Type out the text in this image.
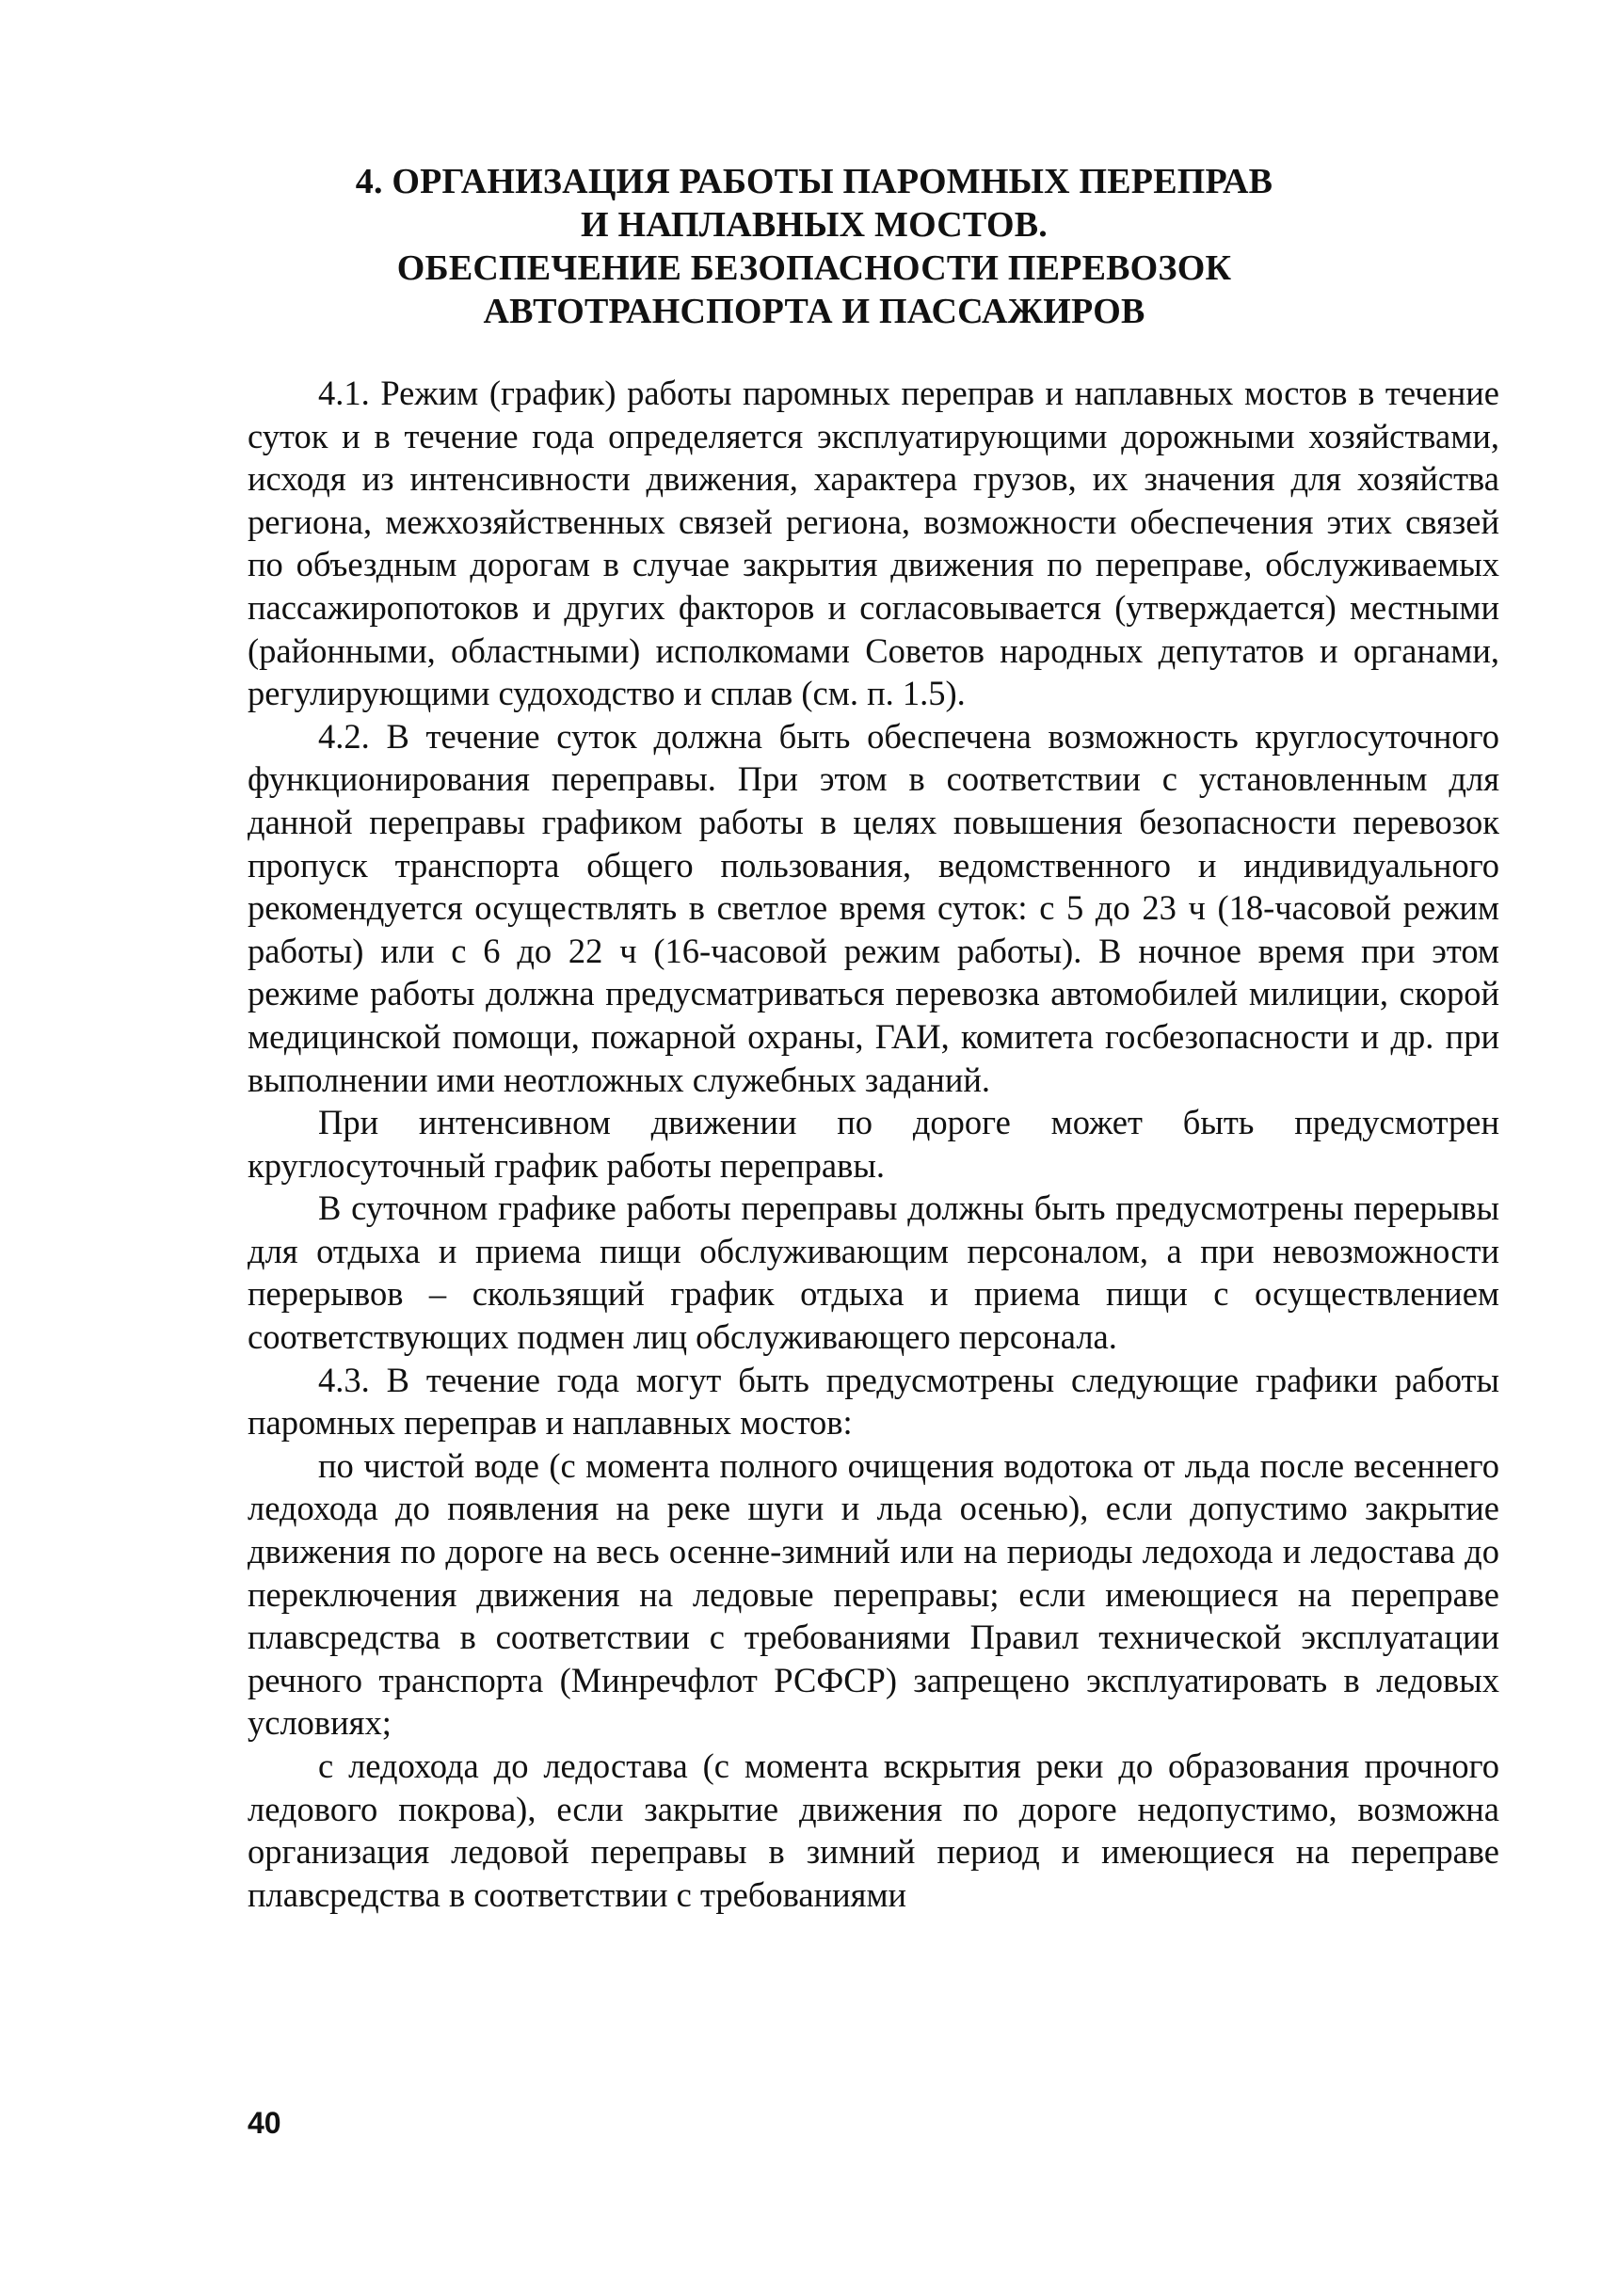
4. ОРГАНИЗАЦИЯ РАБОТЫ ПАРОМНЫХ ПЕРЕПРАВ
И НАПЛАВНЫХ МОСТОВ.
ОБЕСПЕЧЕНИЕ БЕЗОПАСНОСТИ ПЕРЕВОЗОК
АВТОТРАНСПОРТА И ПАССАЖИРОВ

4.1. Режим (график) работы паромных переправ и наплавных мостов в течение суток и в течение года определяется эксплуатирующими дорожными хозяйствами, исходя из интенсивности движения, характера грузов, их значения для хозяйства региона, межхозяйственных связей региона, возможности обеспечения этих связей по объездным дорогам в случае закрытия движения по переправе, обслуживаемых пассажиропотоков и других факторов и согласовывается (утверждается) местными (районными, областными) исполкомами Советов народных депутатов и органами, регулирующими судоходство и сплав (см. п. 1.5).

4.2. В течение суток должна быть обеспечена возможность круглосуточного функционирования переправы. При этом в соответствии с установленным для данной переправы графиком работы в целях повышения безопасности перевозок пропуск транспорта общего пользования, ведомственного и индивидуального рекомендуется осуществлять в светлое время суток: с 5 до 23 ч (18-часовой режим работы) или с 6 до 22 ч (16-часовой режим работы). В ночное время при этом режиме работы должна предусматриваться перевозка автомобилей милиции, скорой медицинской помощи, пожарной охраны, ГАИ, комитета госбезопасности и др. при выполнении ими неотложных служебных заданий.

При интенсивном движении по дороге может быть предусмотрен круглосуточный график работы переправы.

В суточном графике работы переправы должны быть предусмотрены перерывы для отдыха и приема пищи обслуживающим персоналом, а при невозможности перерывов – скользящий график отдыха и приема пищи с осуществлением соответствующих подмен лиц обслуживающего персонала.

4.3. В течение года могут быть предусмотрены следующие графики работы паромных переправ и наплавных мостов:

по чистой воде (с момента полного очищения водотока от льда после весеннего ледохода до появления на реке шуги и льда осенью), если допустимо закрытие движения по дороге на весь осенне-зимний или на периоды ледохода и ледостава до переключения движения на ледовые переправы; если имеющиеся на переправе плавсредства в соответствии с требованиями Правил технической эксплуатации речного транспорта (Минречфлот РСФСР) запрещено эксплуатировать в ледовых условиях;

с ледохода до ледостава (с момента вскрытия реки до образования прочного ледового покрова), если закрытие движения по дороге недопустимо, возможна организация ледовой переправы в зимний период и имеющиеся на переправе плавсредства в соответствии с требованиями

40
